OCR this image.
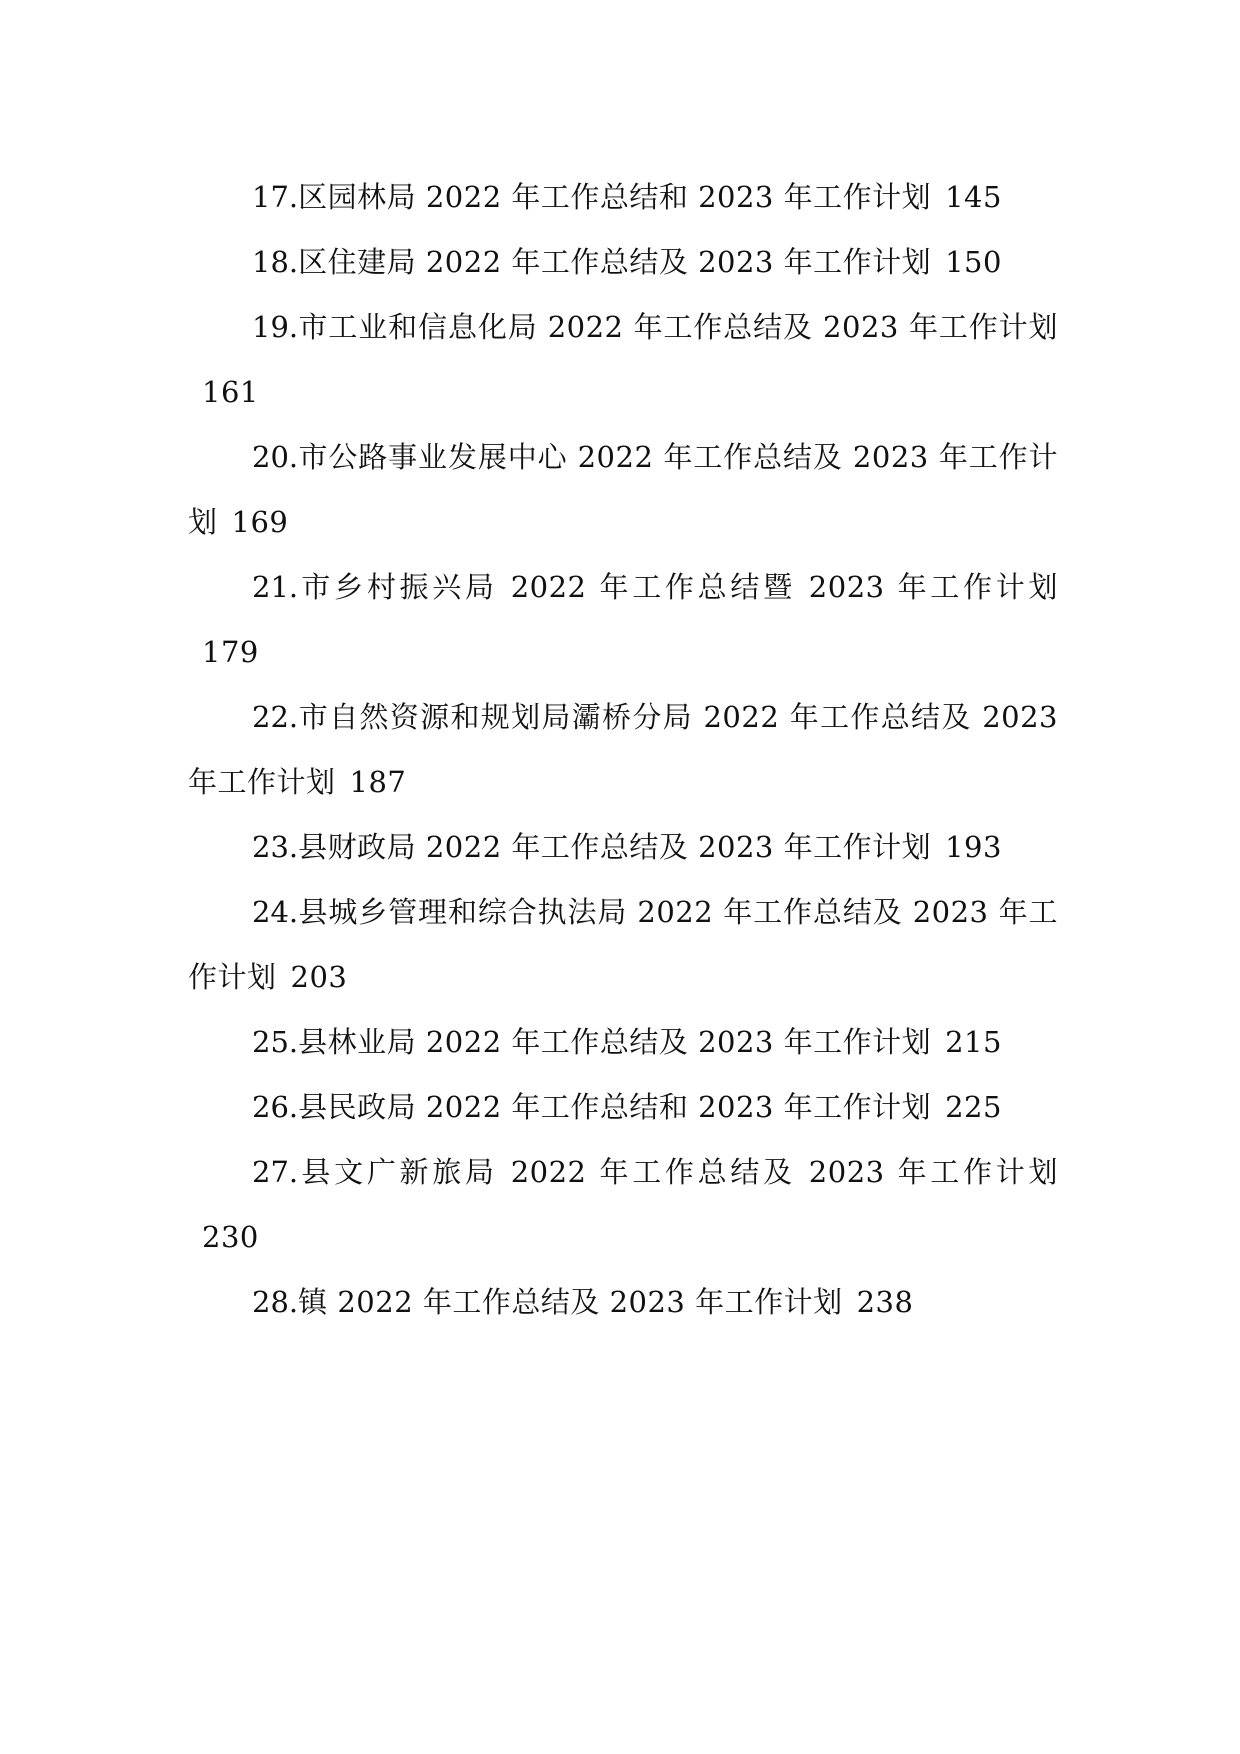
17.区园林局 2022 年工作总结和 2023 年工作计划 145

18.区住建局 2022 年工作总结及 2023 年工作计划 150

19.市工业和信息化局 2022 年工作总结及 2023 年工作计划161

20.市公路事业发展中心 2022 年工作总结及 2023 年工作计划 169

21.市乡村振兴局 2022 年工作总结暨 2023 年工作计划179

22.市自然资源和规划局灞桥分局 2022 年工作总结及 2023 年工作计划 187

23.县财政局 2022 年工作总结及 2023 年工作计划 193

24.县城乡管理和综合执法局 2022 年工作总结及 2023 年工作计划 203

25.县林业局 2022 年工作总结及 2023 年工作计划 215

26.县民政局 2022 年工作总结和 2023 年工作计划 225

27.县文广新旅局 2022 年工作总结及 2023 年工作计划230

28.镇 2022 年工作总结及 2023 年工作计划 238
